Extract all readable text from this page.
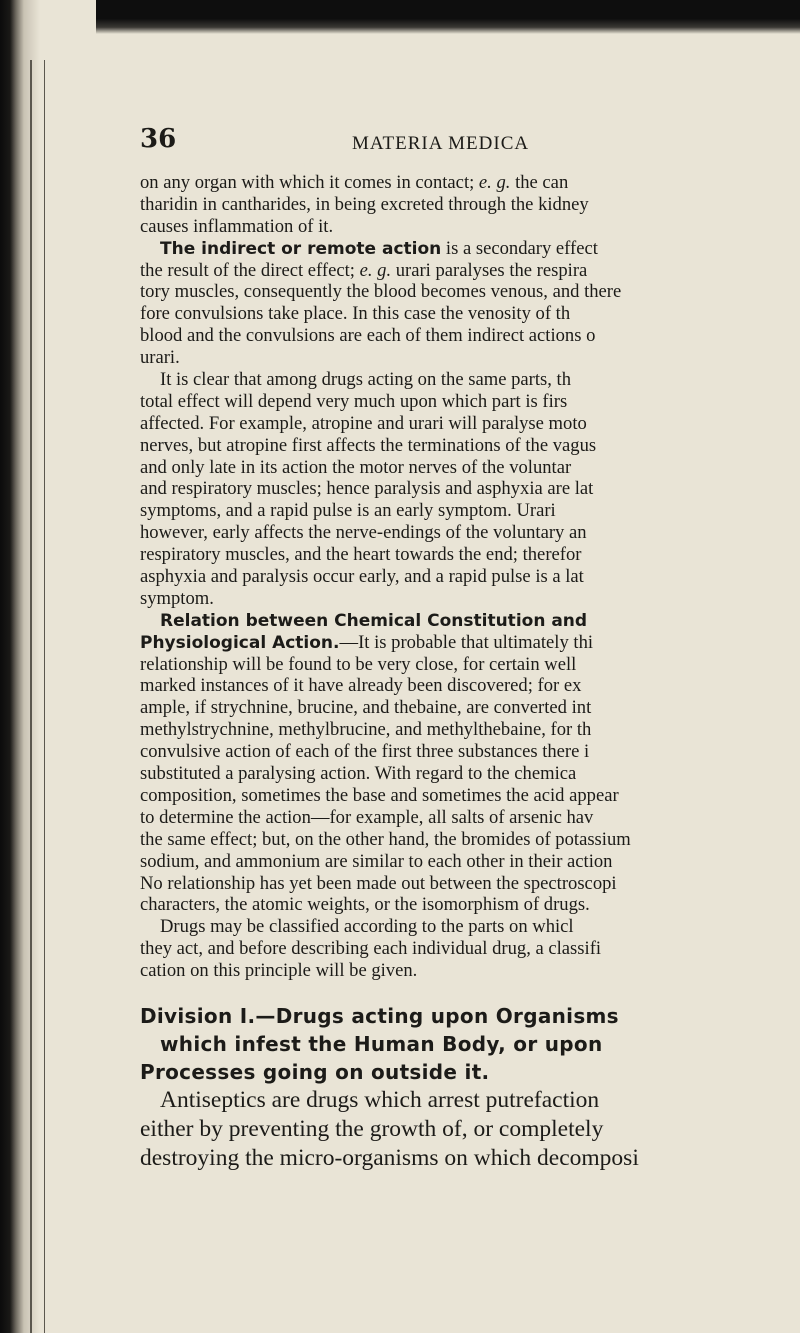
36	MATERIA MEDICA
on any organ with which it comes in contact; e. g. the can
tharidin in cantharides, in being excreted through the kidney
causes inflammation of it.
The indirect or remote action is a secondary effect
the result of the direct effect; e. g. urari paralyses the respira
tory muscles, consequently the blood becomes venous, and there
fore convulsions take place. In this case the venosity of th
blood and the convulsions are each of them indirect actions o
urari.
It is clear that among drugs acting on the same parts, th
total effect will depend very much upon which part is firs
affected. For example, atropine and urari will paralyse moto
nerves, but atropine first affects the terminations of the vagus
and only late in its action the motor nerves of the voluntar
and respiratory muscles; hence paralysis and asphyxia are lat
symptoms, and a rapid pulse is an early symptom. Urari
however, early affects the nerve-endings of the voluntary an
respiratory muscles, and the heart towards the end; therefor
asphyxia and paralysis occur early, and a rapid pulse is a lat
symptom.
Relation between Chemical Constitution and
Physiological Action.—It is probable that ultimately thi
relationship will be found to be very close, for certain well
marked instances of it have already been discovered; for ex
ample, if strychnine, brucine, and thebaine, are converted int
methylstrychnine, methylbrucine, and methylthebaine, for th
convulsive action of each of the first three substances there i
substituted a paralysing action. With regard to the chemica
composition, sometimes the base and sometimes the acid appear
to determine the action—for example, all salts of arsenic hav
the same effect; but, on the other hand, the bromides of potassium
sodium, and ammonium are similar to each other in their action
No relationship has yet been made out between the spectroscopi
characters, the atomic weights, or the isomorphism of drugs.
Drugs may be classified according to the parts on whicl
they act, and before describing each individual drug, a classifi
cation on this principle will be given.
Division I.—Drugs acting upon Organisms
which infest the Human Body, or upon
Processes going on outside it.
Antiseptics are drugs which arrest putrefaction
either by preventing the growth of, or completely
destroying the micro-organisms on which decomposi
